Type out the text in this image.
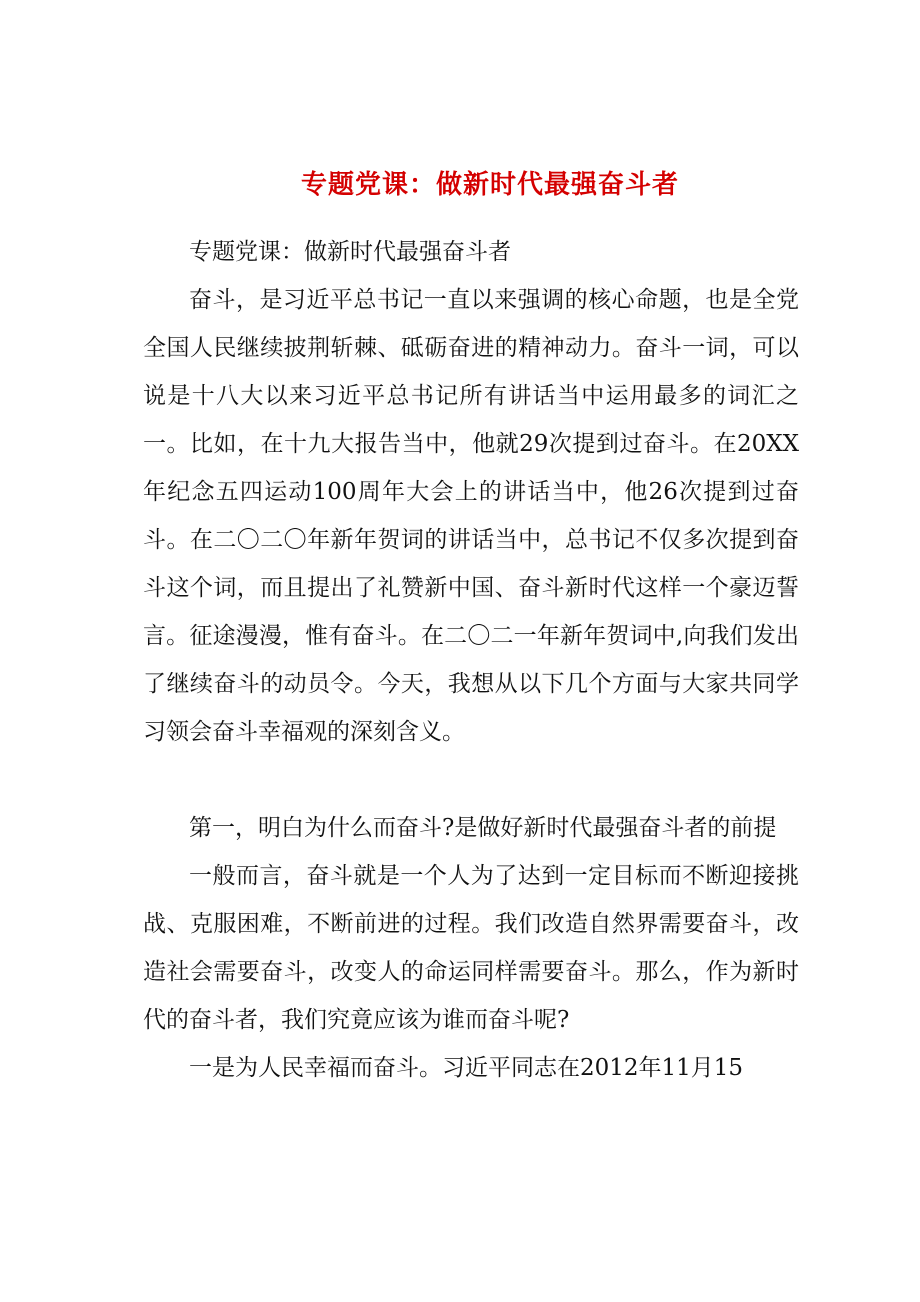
专题党课：做新时代最强奋斗者

专题党课：做新时代最强奋斗者

奋斗，是习近平总书记一直以来强调的核心命题，也是全党全国人民继续披荆斩棘、砥砺奋进的精神动力。奋斗一词，可以说是十八大以来习近平总书记所有讲话当中运用最多的词汇之一。比如，在十九大报告当中，他就29次提到过奋斗。在20XX年纪念五四运动100周年大会上的讲话当中，他26次提到过奋斗。在二〇二〇年新年贺词的讲话当中，总书记不仅多次提到奋斗这个词，而且提出了礼赞新中国、奋斗新时代这样一个豪迈誓言。征途漫漫，惟有奋斗。在二〇二一年新年贺词中,向我们发出了继续奋斗的动员令。今天，我想从以下几个方面与大家共同学习领会奋斗幸福观的深刻含义。

第一，明白为什么而奋斗?是做好新时代最强奋斗者的前提

一般而言，奋斗就是一个人为了达到一定目标而不断迎接挑战、克服困难，不断前进的过程。我们改造自然界需要奋斗，改造社会需要奋斗，改变人的命运同样需要奋斗。那么，作为新时代的奋斗者，我们究竟应该为谁而奋斗呢?

一是为人民幸福而奋斗。习近平同志在2012年11月15
